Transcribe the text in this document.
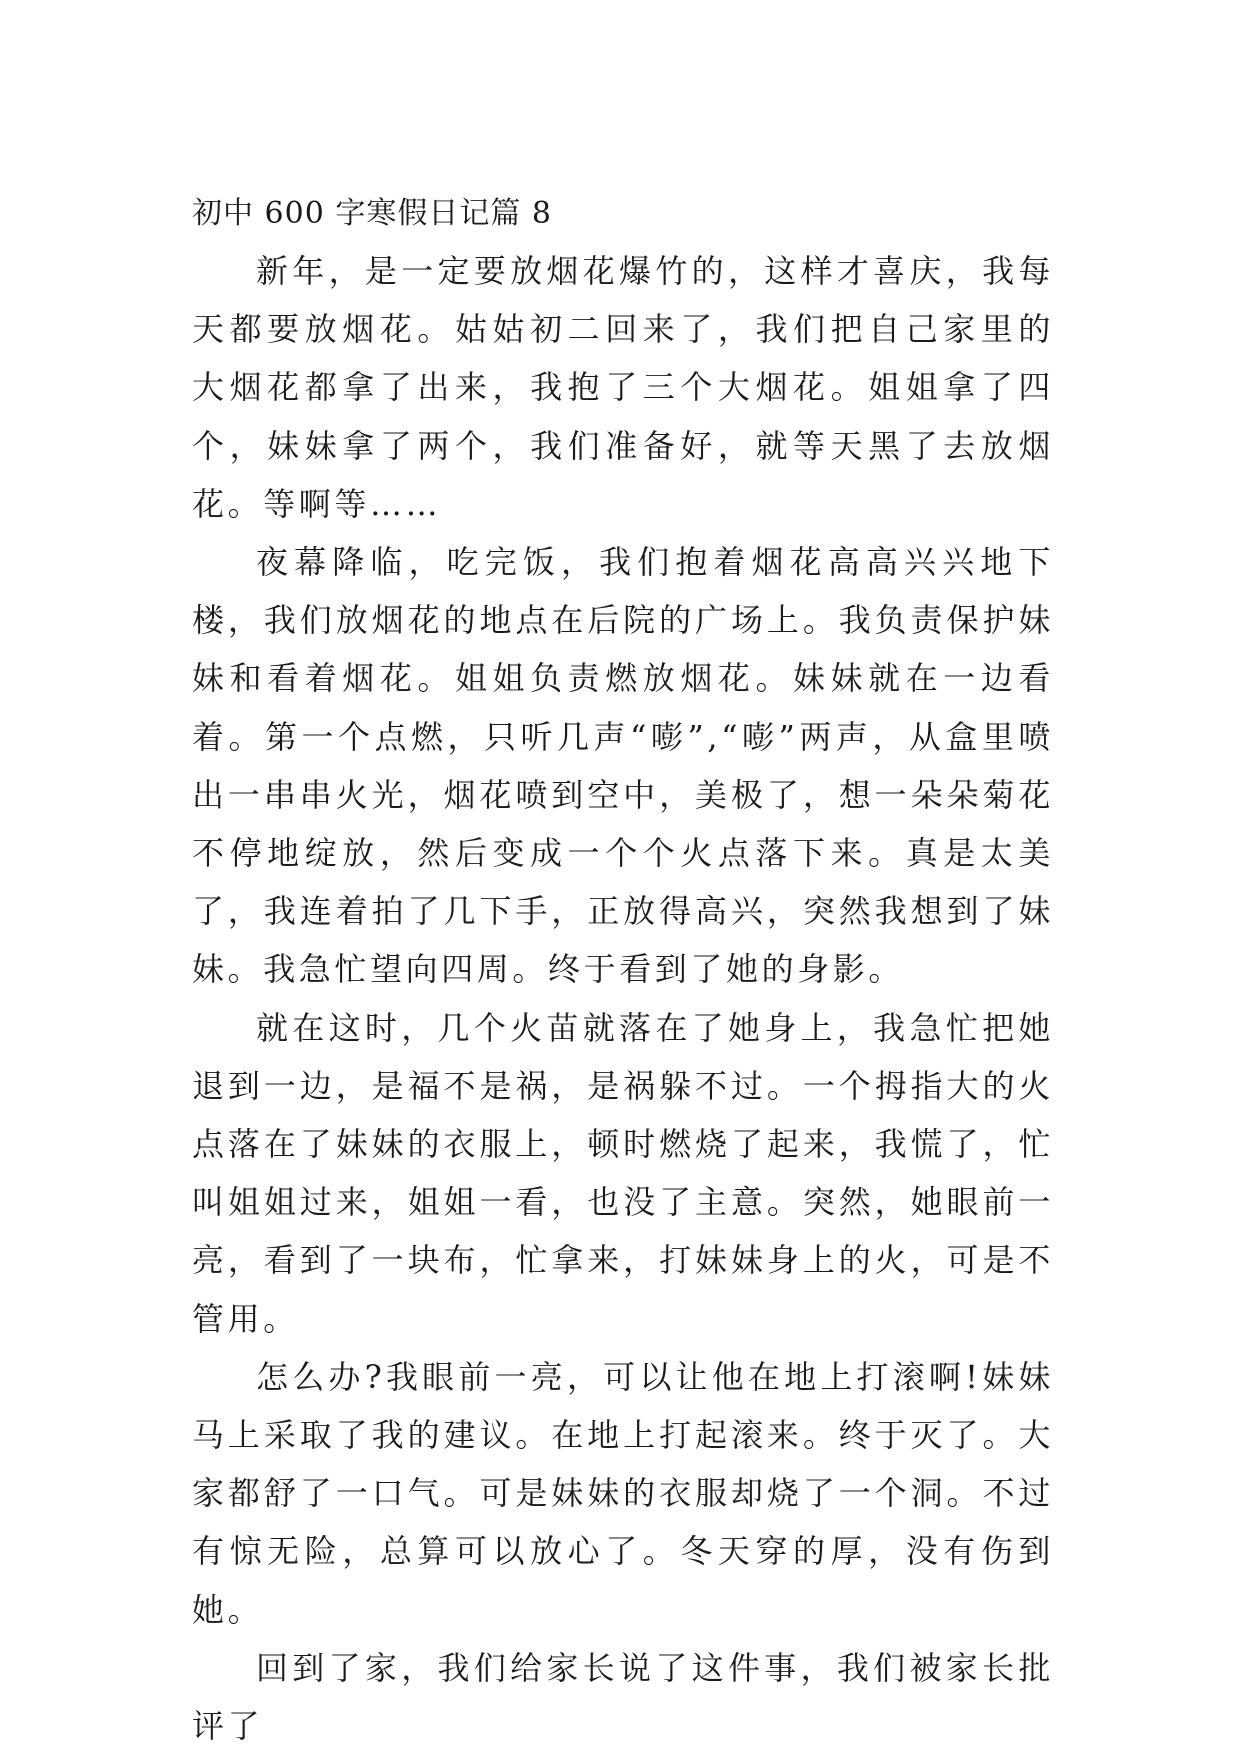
初中 600 字寒假日记篇 8

新年，是一定要放烟花爆竹的，这样才喜庆，我每天都要放烟花。姑姑初二回来了，我们把自己家里的 大烟花都拿了出来，我抱了三个大烟花。姐姐拿了四个，妹妹拿了两个，我们准备好，就等天黑了去放烟花。等啊等……

夜幕降临，吃完饭，我们抱着烟花高高兴兴地下楼，我们放烟花的地点在后院的广场上。我负责保护妹妹和看着烟花。姐姐负责燃放烟花。妹妹就在一边看着。第一个点燃，只听几声“嘭”,“嘭”两声，从盒里喷出一串串火光，烟花喷到空中，美极了，想一朵朵菊花不停地绽放，然后变成一个个火点落下来。真是太美了，我连着拍了几下手，正放得高兴，突然我想到了妹妹。我急忙望向四周。终于看到了她的身影。

就在这时，几个火苗就落在了她身上，我急忙把她退到一边，是福不是祸，是祸躲不过。一个拇指大的火点落在了妹妹的衣服上，顿时燃烧了起来，我慌了，忙叫姐姐过来，姐姐一看，也没了主意。突然，她眼前一亮，看到了一块布，忙拿来，打妹妹身上的火，可是不管用。

怎么办?我眼前一亮，可以让他在地上打滚啊!妹妹马上采取了我的建议。在地上打起滚来。终于灭了。大家都舒了一口气。可是妹妹的衣服却烧了一个洞。不过有惊无险，总算可以放心了。冬天穿的厚，没有伤到她。

回到了家，我们给家长说了这件事，我们被家长批评了
